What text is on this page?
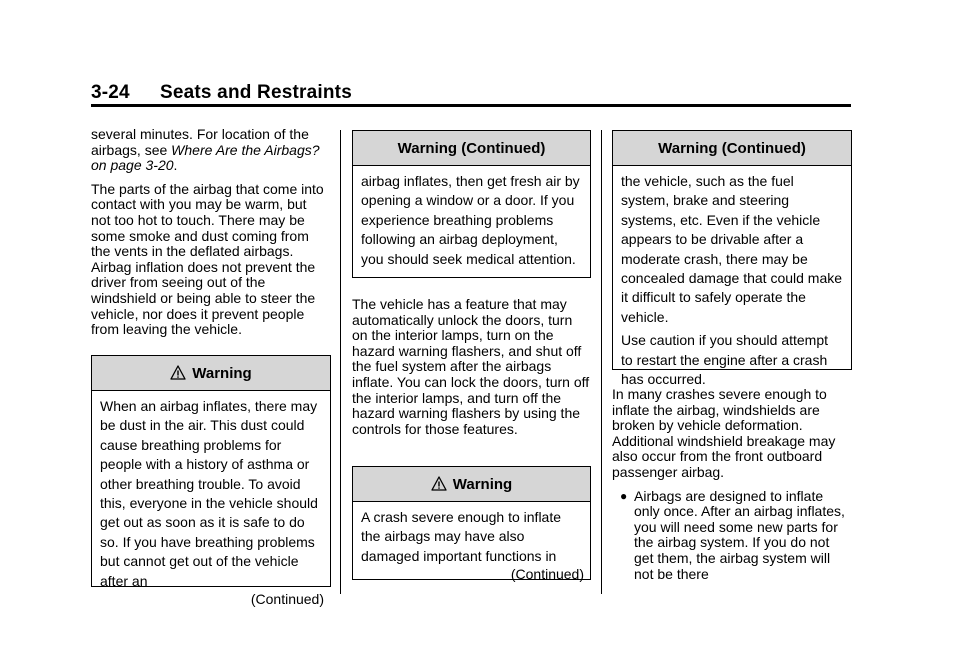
3-24 Seats and Restraints

several minutes. For location of the airbags, see Where Are the Airbags? on page 3-20.

The parts of the airbag that come into contact with you may be warm, but not too hot to touch. There may be some smoke and dust coming from the vents in the deflated airbags. Airbag inflation does not prevent the driver from seeing out of the windshield or being able to steer the vehicle, nor does it prevent people from leaving the vehicle.

Warning

When an airbag inflates, there may be dust in the air. This dust could cause breathing problems for people with a history of asthma or other breathing trouble. To avoid this, everyone in the vehicle should get out as soon as it is safe to do so. If you have breathing problems but cannot get out of the vehicle after an

(Continued)
Warning (Continued)

airbag inflates, then get fresh air by opening a window or a door. If you experience breathing problems following an airbag deployment, you should seek medical attention.

The vehicle has a feature that may automatically unlock the doors, turn on the interior lamps, turn on the hazard warning flashers, and shut off the fuel system after the airbags inflate. You can lock the doors, turn off the interior lamps, and turn off the hazard warning flashers by using the controls for those features.

Warning

A crash severe enough to inflate the airbags may have also damaged important functions in

(Continued)
Warning (Continued)

the vehicle, such as the fuel system, brake and steering systems, etc. Even if the vehicle appears to be drivable after a moderate crash, there may be concealed damage that could make it difficult to safely operate the vehicle.

Use caution if you should attempt to restart the engine after a crash has occurred.

In many crashes severe enough to inflate the airbag, windshields are broken by vehicle deformation. Additional windshield breakage may also occur from the front outboard passenger airbag.

● Airbags are designed to inflate only once. After an airbag inflates, you will need some new parts for the airbag system. If you do not get them, the airbag system will not be there
